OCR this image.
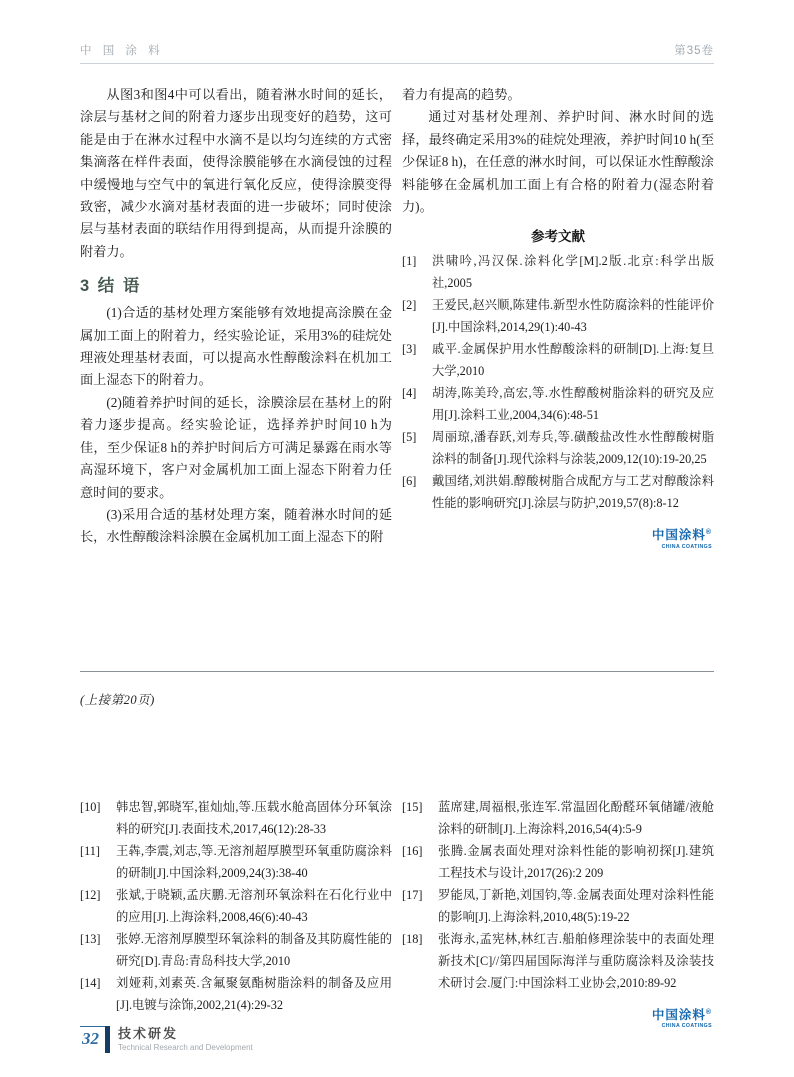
中 国 涂 料	第35卷

从图3和图4中可以看出，随着淋水时间的延长，涂层与基材之间的附着力逐步出现变好的趋势，这可能是由于在淋水过程中水滴不是以均匀连续的方式密集滴落在样件表面，使得涂膜能够在水滴侵蚀的过程中缓慢地与空气中的氧进行氧化反应，使得涂膜变得致密，减少水滴对基材表面的进一步破坏；同时使涂层与基材表面的联结作用得到提高，从而提升涂膜的附着力。

3 结 语

(1)合适的基材处理方案能够有效地提高涂膜在金属加工面上的附着力，经实验论证，采用3%的硅烷处理液处理基材表面，可以提高水性醇酸涂料在机加工面上湿态下的附着力。

(2)随着养护时间的延长，涂膜涂层在基材上的附着力逐步提高。经实验论证，选择养护时间10 h为佳，至少保证8 h的养护时间后方可满足暴露在雨水等高湿环境下，客户对金属机加工面上湿态下附着力任意时间的要求。

(3)采用合适的基材处理方案，随着淋水时间的延长，水性醇酸涂料涂膜在金属机加工面上湿态下的附

着力有提高的趋势。

通过对基材处理剂、养护时间、淋水时间的选择，最终确定采用3%的硅烷处理液，养护时间10 h(至少保证8 h)，在任意的淋水时间，可以保证水性醇酸涂料能够在金属机加工面上有合格的附着力(湿态附着力)。

参考文献
[1]	洪啸吟,冯汉保.涂料化学[M].2版.北京:科学出版社,2005
[2]	王爱民,赵兴顺,陈建伟.新型水性防腐涂料的性能评价[J].中国涂料,2014,29(1):40-43
[3]	戚平.金属保护用水性醇酸涂料的研制[D].上海:复旦大学,2010
[4]	胡涛,陈美玲,高宏,等.水性醇酸树脂涂料的研究及应用[J].涂料工业,2004,34(6):48-51
[5]	周丽琼,潘春跃,刘寿兵,等.磺酸盐改性水性醇酸树脂涂料的制备[J].现代涂料与涂装,2009,12(10):19-20,25
[6]	戴国绪,刘洪娟.醇酸树脂合成配方与工艺对醇酸涂料性能的影响研究[J].涂层与防护,2019,57(8):8-12
中国涂料®
CHINA COATINGS
(上接第20页)
[10]	韩忠智,郭晓军,崔灿灿,等.压载水舱高固体分环氧涂料的研究[J].表面技术,2017,46(12):28-33
[11]	王犇,李震,刘志,等.无溶剂超厚膜型环氧重防腐涂料的研制[J].中国涂料,2009,24(3):38-40
[12]	张斌,于晓颖,孟庆鹏.无溶剂环氧涂料在石化行业中的应用[J].上海涂料,2008,46(6):40-43
[13]	张婷.无溶剂厚膜型环氧涂料的制备及其防腐性能的研究[D].青岛:青岛科技大学,2010
[14]	刘娅莉,刘素英.含氟聚氨酯树脂涂料的制备及应用[J].电镀与涂饰,2002,21(4):29-32
[15]	蓝席建,周福根,张连军.常温固化酚醛环氧储罐/液舱涂料的研制[J].上海涂料,2016,54(4):5-9
[16]	张腾.金属表面处理对涂料性能的影响初探[J].建筑工程技术与设计,2017(26):2 209
[17]	罗能凤,丁新艳,刘国钧,等.金属表面处理对涂料性能的影响[J].上海涂料,2010,48(5):19-22
[18]	张海永,孟宪林,林红吉.船舶修理涂装中的表面处理新技术[C]//第四届国际海洋与重防腐涂料及涂装技术研讨会.厦门:中国涂料工业协会,2010:89-92
中国涂料®
CHINA COATINGS
32 技术研发
Technical Research and Development
